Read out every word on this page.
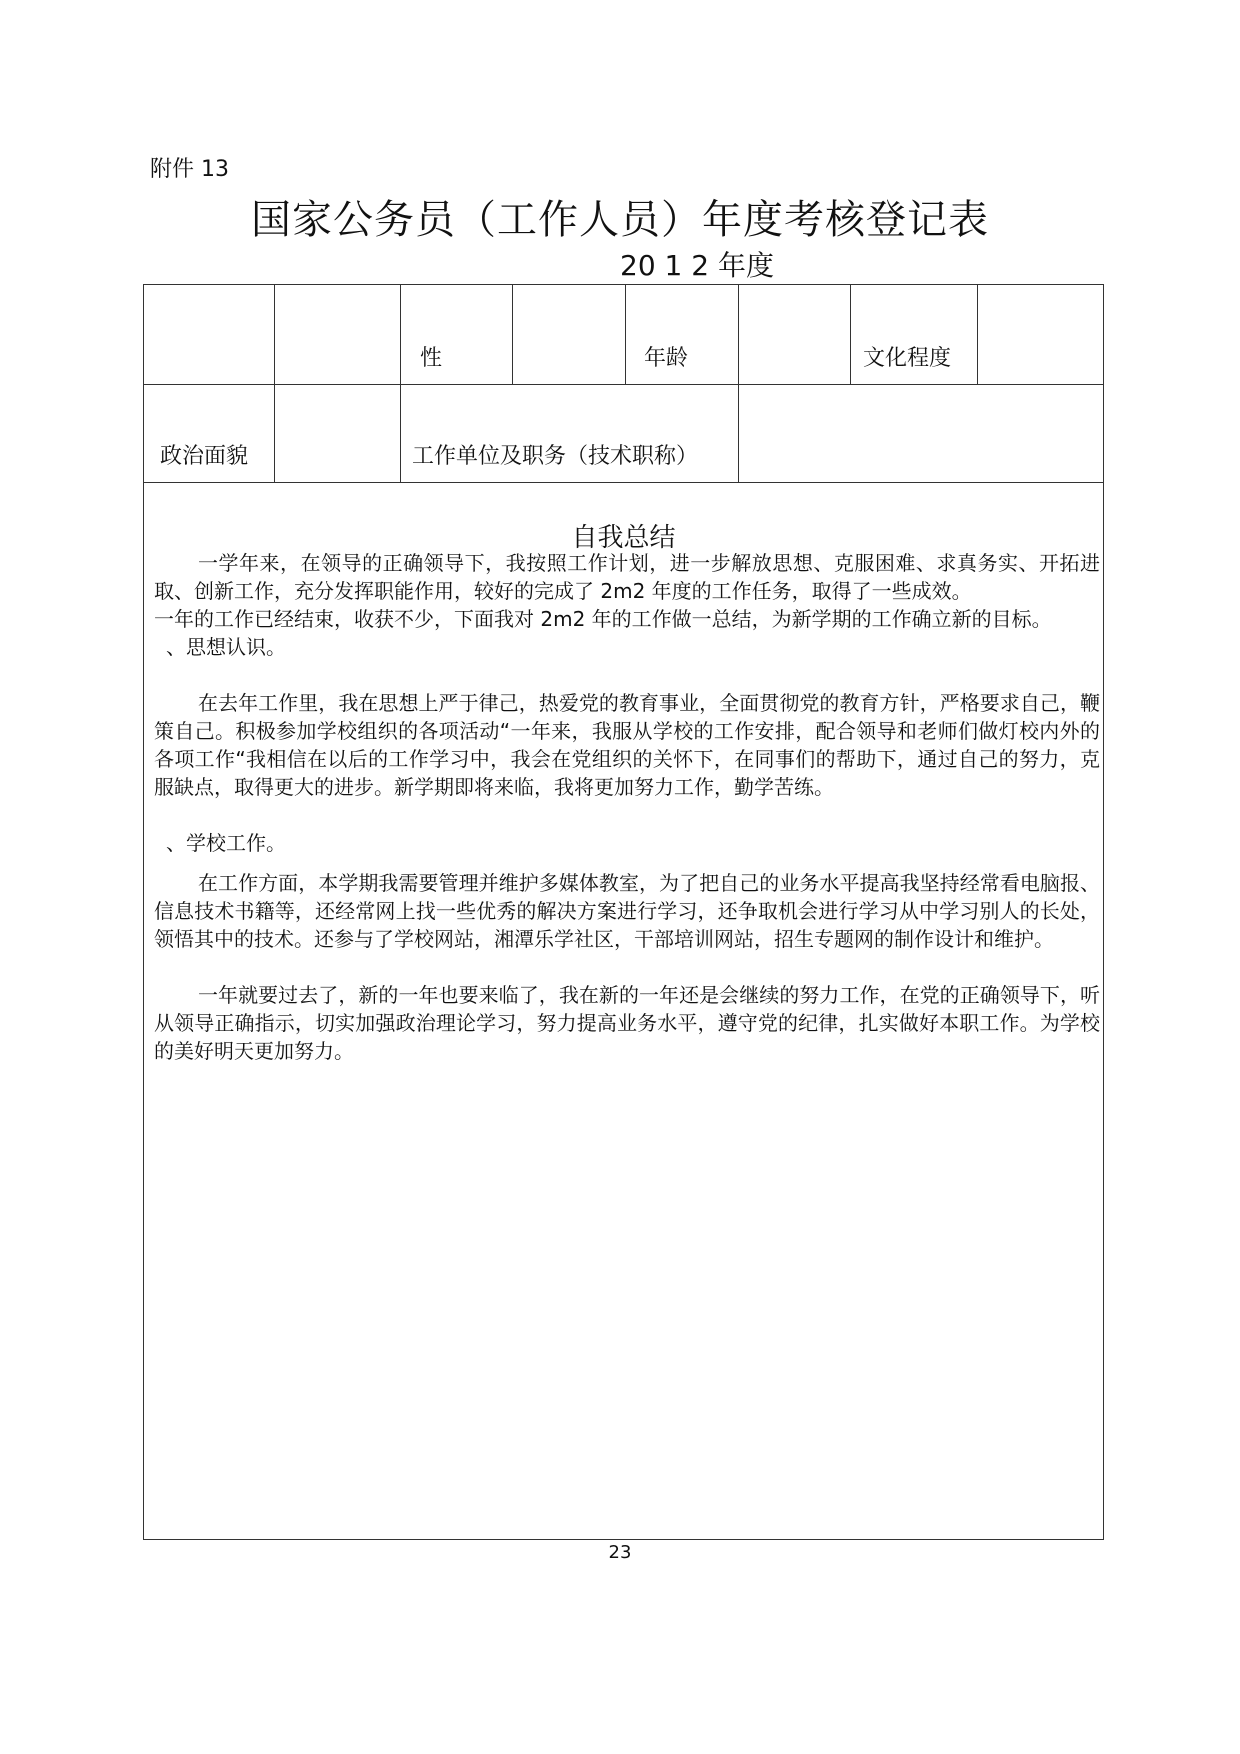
附件 13
国家公务员（工作人员）年度考核登记表
20 1 2 年度
性	年龄	文化程度
政治面貌	工作单位及职务（技术职称）
自我总结

一学年来，在领导的正确领导下，我按照工作计划，进一步解放思想、克服困难、求真务实、开拓进取、创新工作，充分发挥职能作用，较好的完成了 2m2 年度的工作任务，取得了一些成效。

一年的工作已经结束，收获不少，下面我对 2m2 年的工作做一总结，为新学期的工作确立新的目标。

、思想认识。

在去年工作里，我在思想上严于律己，热爱党的教育事业，全面贯彻党的教育方针，严格要求自己，鞭策自己。积极参加学校组织的各项活动“一年来，我服从学校的工作安排，配合领导和老师们做灯校内外的各项工作“我相信在以后的工作学习中，我会在党组织的关怀下，在同事们的帮助下，通过自己的努力，克服缺点，取得更大的进步。新学期即将来临，我将更加努力工作，勤学苦练。

、学校工作。

在工作方面，本学期我需要管理并维护多媒体教室，为了把自己的业务水平提高我坚持经常看电脑报、信息技术书籍等，还经常网上找一些优秀的解决方案进行学习，还争取机会进行学习从中学习别人的长处，领悟其中的技术。还参与了学校网站，湘潭乐学社区，干部培训网站，招生专题网的制作设计和维护。

一年就要过去了，新的一年也要来临了，我在新的一年还是会继续的努力工作，在党的正确领导下，听从领导正确指示，切实加强政治理论学习，努力提高业务水平，遵守党的纪律，扎实做好本职工作。为学校的美好明天更加努力。

23
